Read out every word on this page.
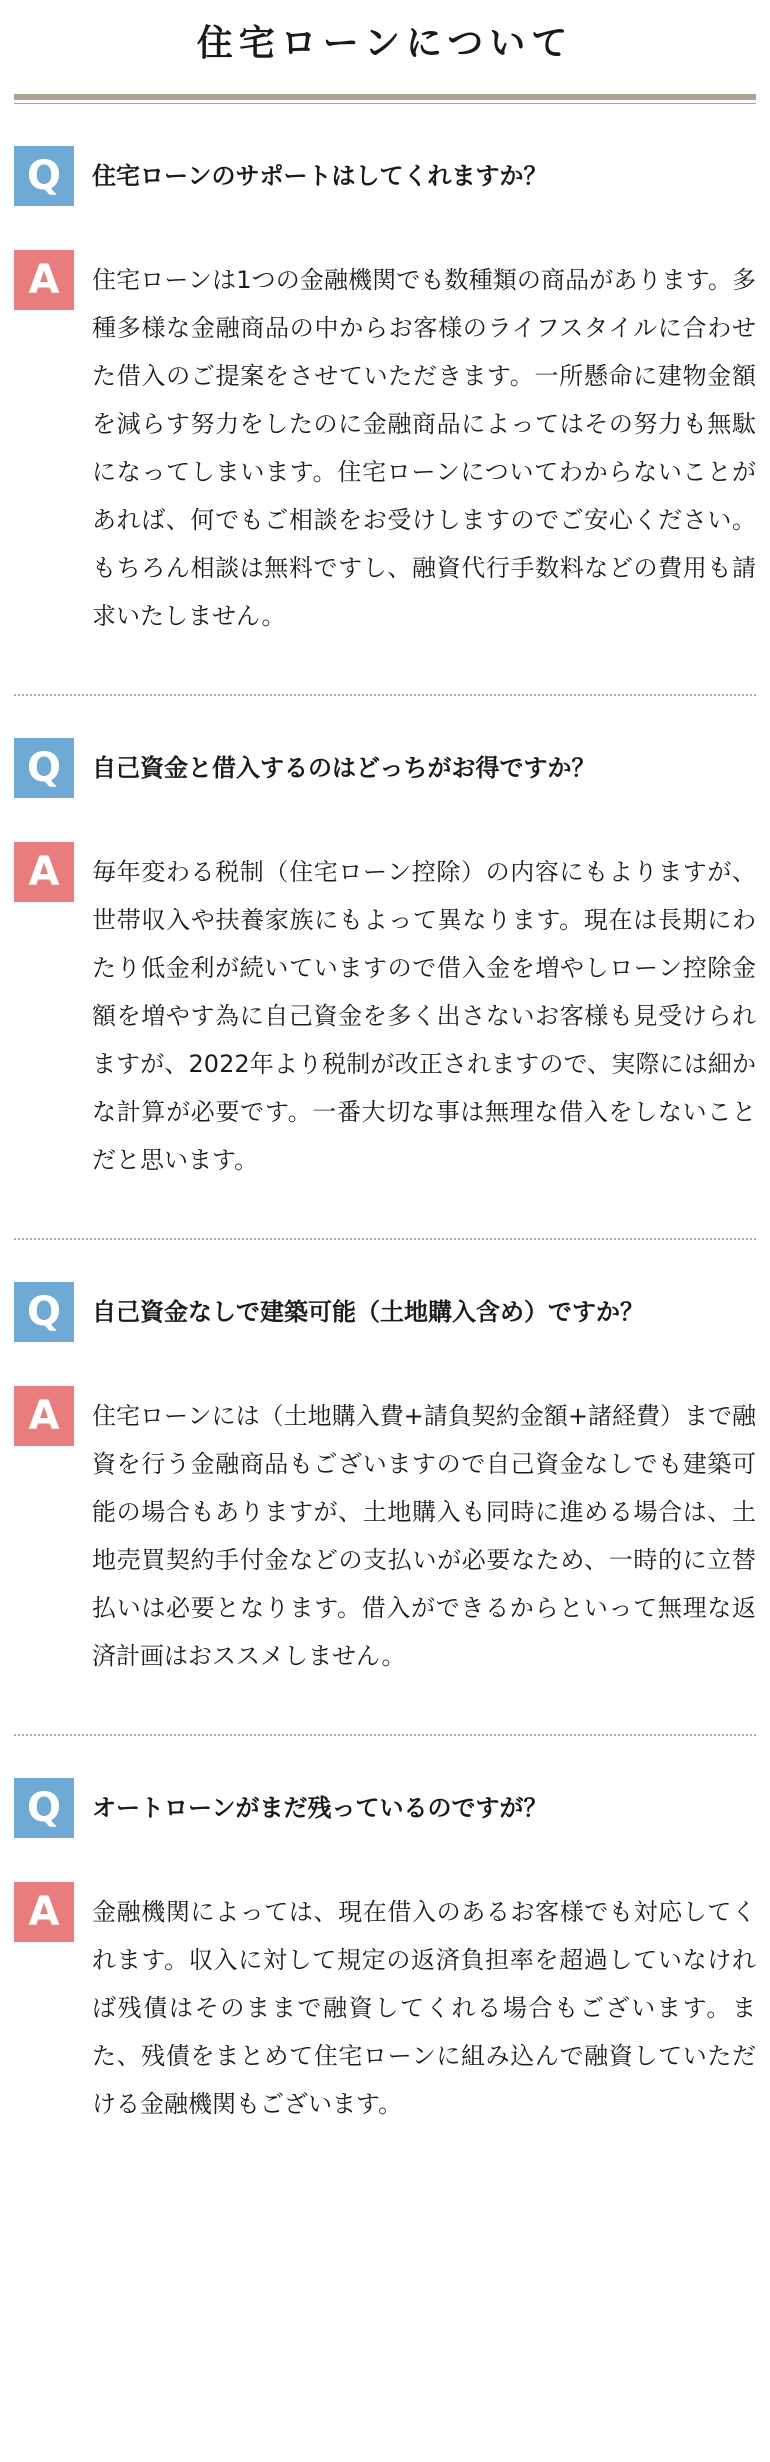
住宅ローンについて
Q	住宅ローンのサポートはしてくれますか？
A	住宅ローンは1つの金融機関でも数種類の商品があります。多種多様な金融商品の中からお客様のライフスタイルに合わせた借入のご提案をさせていただきます。一所懸命に建物金額を減らす努力をしたのに金融商品によってはその努力も無駄になってしまいます。住宅ローンについてわからないことがあれば、何でもご相談をお受けしますのでご安心ください。もちろん相談は無料ですし、融資代行手数料などの費用も請求いたしません。
Q	自己資金と借入するのはどっちがお得ですか？
A	毎年変わる税制（住宅ローン控除）の内容にもよりますが、世帯収入や扶養家族にもよって異なります。現在は長期にわたり低金利が続いていますので借入金を増やしローン控除金額を増やす為に自己資金を多く出さないお客様も見受けられますが、2022年より税制が改正されますので、実際には細かな計算が必要です。一番大切な事は無理な借入をしないことだと思います。
Q	自己資金なしで建築可能（土地購入含め）ですか？
A	住宅ローンには（土地購入費+請負契約金額+諸経費）まで融資を行う金融商品もございますので自己資金なしでも建築可能の場合もありますが、土地購入も同時に進める場合は、土地売買契約手付金などの支払いが必要なため、一時的に立替払いは必要となります。借入ができるからといって無理な返済計画はおススメしません。
Q	オートローンがまだ残っているのですが？
A	金融機関によっては、現在借入のあるお客様でも対応してくれます。収入に対して規定の返済負担率を超過していなければ残債はそのままで融資してくれる場合もございます。また、残債をまとめて住宅ローンに組み込んで融資していただける金融機関もございます。
